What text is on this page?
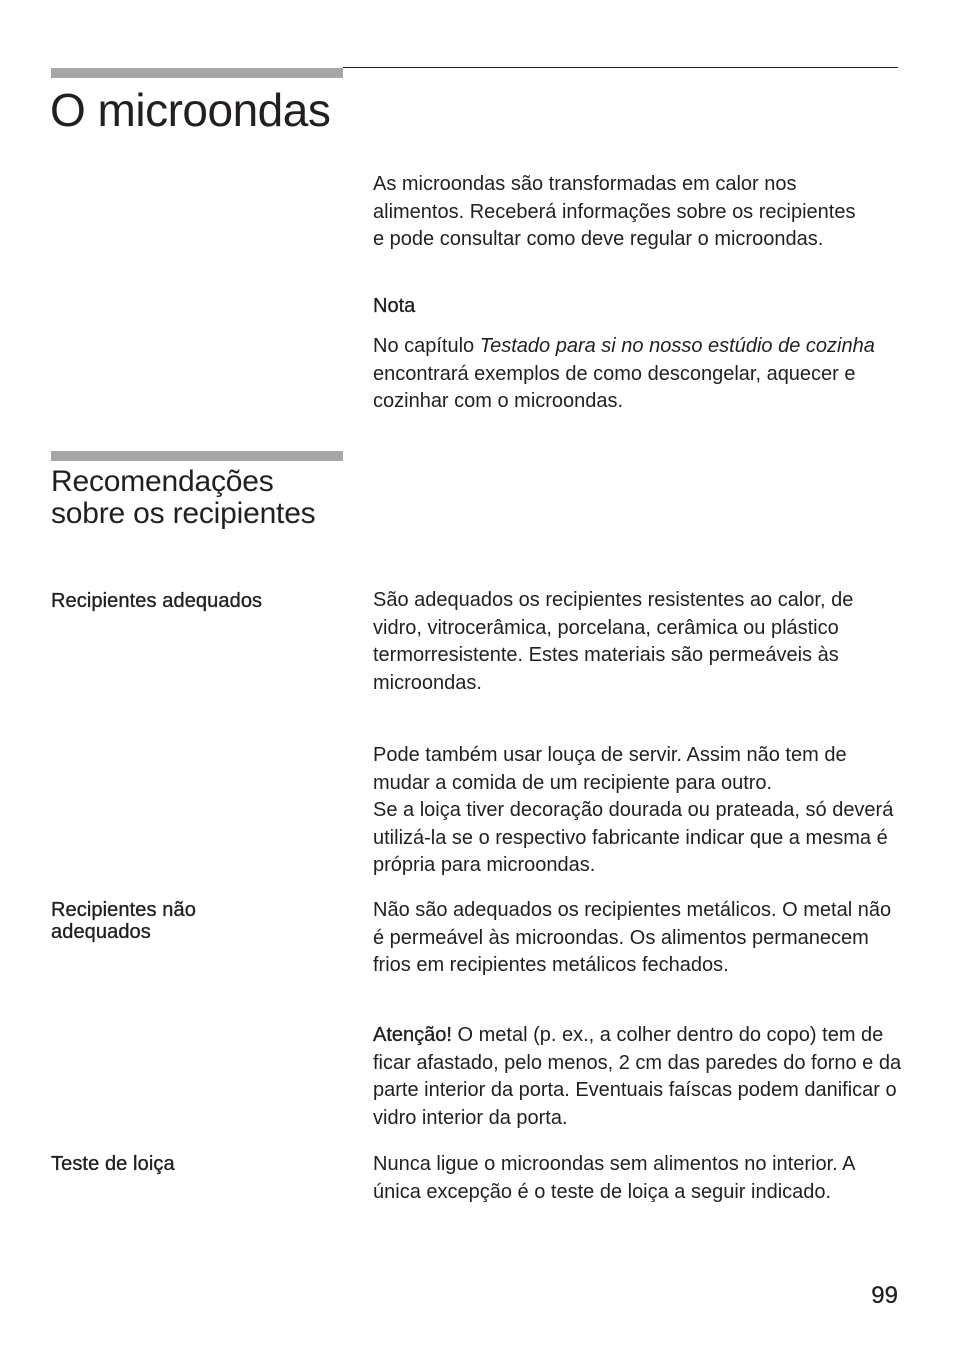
O microondas

As microondas são transformadas em calor nos alimentos. Receberá informações sobre os recipientes e pode consultar como deve regular o microondas.

Nota

No capítulo Testado para si no nosso estúdio de cozinha encontrará exemplos de como descongelar, aquecer e cozinhar com o microondas.

Recomendações sobre os recipientes

Recipientes adequados	São adequados os recipientes resistentes ao calor, de
vidro, vitrocerâmica, porcelana, cerâmica ou plástico termorresistente. Estes materiais são permeáveis às microondas.

Pode também usar louça de servir. Assim não tem de mudar a comida de um recipiente para outro.
Se a loiça tiver decoração dourada ou prateada, só deverá utilizá-la se o respectivo fabricante indicar que a mesma é própria para microondas.

Recipientes não adequados

Não são adequados os recipientes metálicos. O metal não é permeável às microondas. Os alimentos permanecem frios em recipientes metálicos fechados.

Atenção! O metal (p. ex., a colher dentro do copo) tem de ficar afastado, pelo menos, 2 cm das paredes do forno e da parte interior da porta. Eventuais faíscas podem danificar o vidro interior da porta.

Teste de loiça	Nunca ligue o microondas sem alimentos no interior. A única excepção é o teste de loiça a seguir indicado.

99
